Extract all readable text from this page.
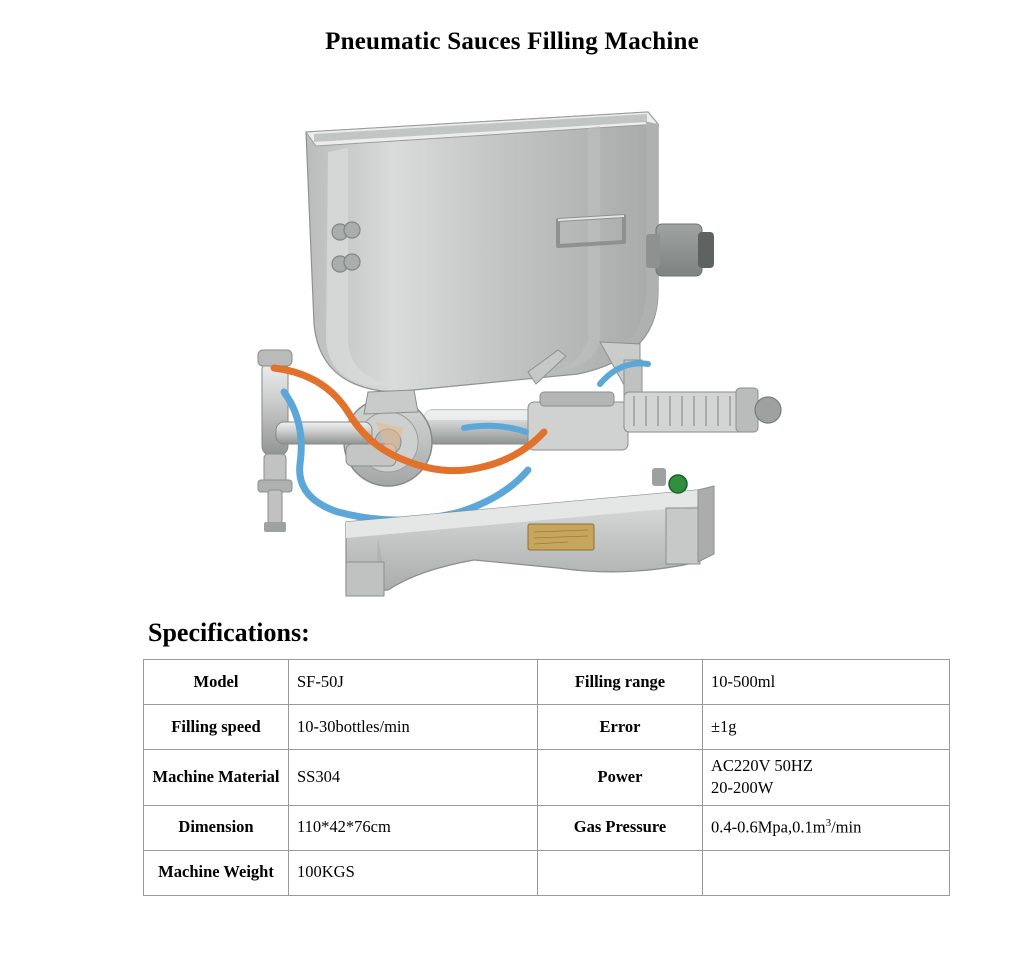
Pneumatic Sauces Filling Machine
Specifications:
Model	SF-50J	Filling range	10-500ml
Filling speed	10-30bottles/min	Error	±1g
Machine Material	SS304	Power	AC220V 50HZ
20-200W

Dimension	110*42*76cm	Gas Pressure	$0.4-0.6Mpa,0.1m^3/\min$
Machine Weight	100KGS		
